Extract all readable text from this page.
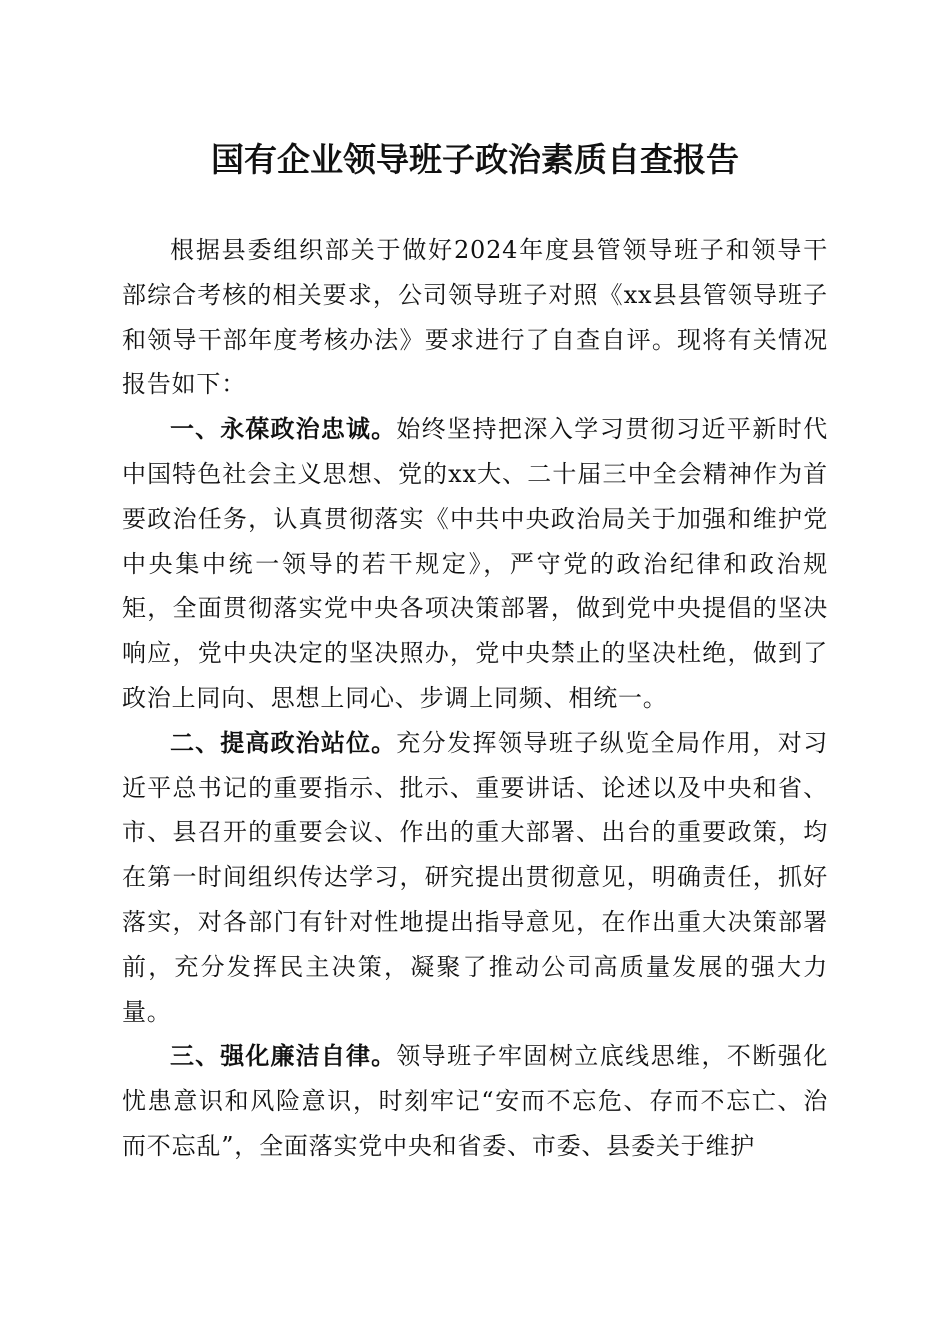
国有企业领导班子政治素质自查报告

根据县委组织部关于做好2024年度县管领导班子和领导干部综合考核的相关要求，公司领导班子对照《xx县县管领导班子和领导干部年度考核办法》要求进行了自查自评。现将有关情况报告如下：

一、永葆政治忠诚。始终坚持把深入学习贯彻习近平新时代中国特色社会主义思想、党的xx大、二十届三中全会精神作为首要政治任务，认真贯彻落实《中共中央政治局关于加强和维护党中央集中统一领导的若干规定》，严守党的政治纪律和政治规矩，全面贯彻落实党中央各项决策部署，做到党中央提倡的坚决响应，党中央决定的坚决照办，党中央禁止的坚决杜绝，做到了政治上同向、思想上同心、步调上同频、相统一。

二、提高政治站位。充分发挥领导班子纵览全局作用，对习近平总书记的重要指示、批示、重要讲话、论述以及中央和省、市、县召开的重要会议、作出的重大部署、出台的重要政策，均在第一时间组织传达学习，研究提出贯彻意见，明确责任，抓好落实，对各部门有针对性地提出指导意见，在作出重大决策部署前，充分发挥民主决策，凝聚了推动公司高质量发展的强大力量。

三、强化廉洁自律。领导班子牢固树立底线思维，不断强化忧患意识和风险意识，时刻牢记“安而不忘危、存而不忘亡、治而不忘乱”，全面落实党中央和省委、市委、县委关于维护
